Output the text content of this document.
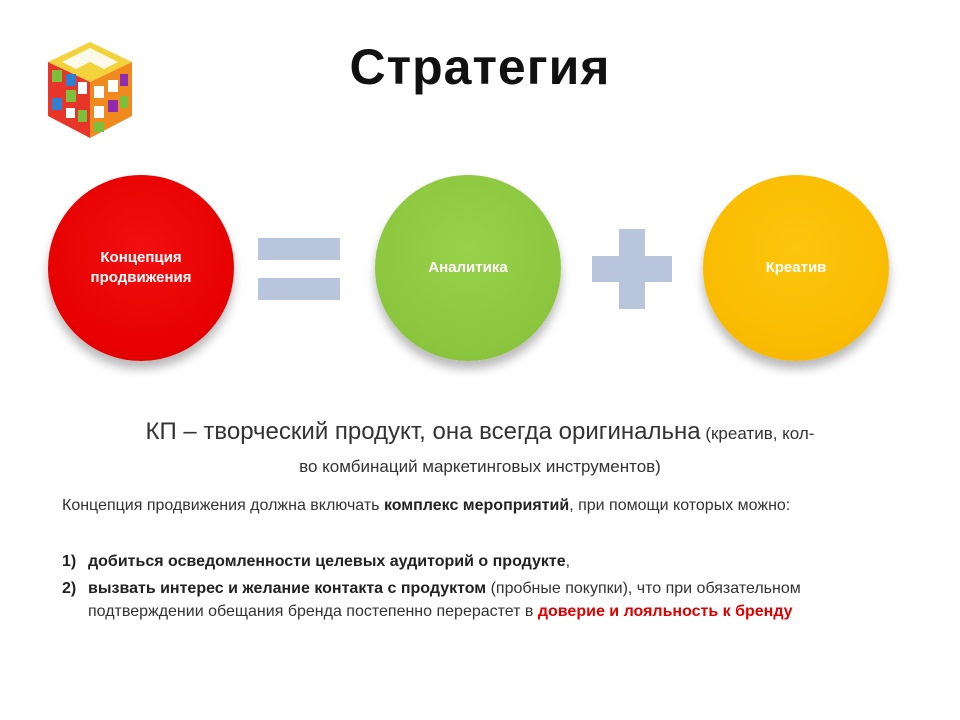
Стратегия
Концепция продвижения
Аналитика	Креатив
КП – творческий продукт, она всегда оригинальна (креатив, кол-
во комбинаций маркетинговых инструментов)
Концепция продвижения должна включать комплекс мероприятий, при помощи которых можно:
1) добиться осведомленности целевых аудиторий о продукте,
2) вызвать интерес и желание контакта с продуктом (пробные покупки), что при обязательном подтверждении обещания бренда постепенно перерастет в доверие и лояльность к бренду
